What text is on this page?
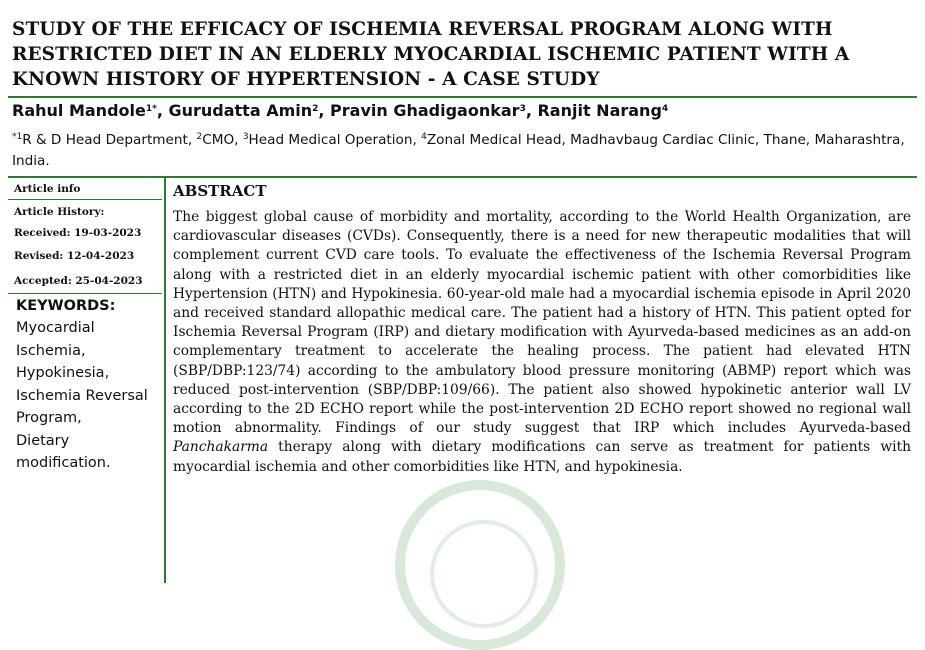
STUDY OF THE EFFICACY OF ISCHEMIA REVERSAL PROGRAM ALONG WITH RESTRICTED DIET IN AN ELDERLY MYOCARDIAL ISCHEMIC PATIENT WITH A KNOWN HISTORY OF HYPERTENSION - A CASE STUDY
Rahul Mandole$^{1*}$, Gurudatta Amin$^2$, Pravin Ghadigaonkar$^3$, Ranjit Narang$^4$
$^{*1}$R & D Head Department, $^2$CMO, $^3$Head Medical Operation, $^4$Zonal Medical Head, Madhavbaug Cardiac Clinic, Thane, Maharashtra, India.
Article info
Article History:
Received: 19-03-2023
Revised: 12-04-2023
Accepted: 25-04-2023
KEYWORDS:
Myocardial Ischemia,
Hypokinesia,
Ischemia Reversal Program,
Dietary modification.
ABSTRACT
The biggest global cause of morbidity and mortality, according to the World Health Organization, are cardiovascular diseases (CVDs). Consequently, there is a need for new therapeutic modalities that will complement current CVD care tools. To evaluate the effectiveness of the Ischemia Reversal Program along with a restricted diet in an elderly myocardial ischemic patient with other comorbidities like Hypertension (HTN) and Hypokinesia. 60-year-old male had a myocardial ischemia episode in April 2020 and received standard allopathic medical care. The patient had a history of HTN. This patient opted for Ischemia Reversal Program (IRP) and dietary modification with Ayurveda-based medicines as an add-on complementary treatment to accelerate the healing process. The patient had elevated HTN (SBP/DBP:123/74) according to the ambulatory blood pressure monitoring (ABMP) report which was reduced post-intervention (SBP/DBP:109/66). The patient also showed hypokinetic anterior wall LV according to the 2D ECHO report while the post-intervention 2D ECHO report showed no regional wall motion abnormality. Findings of our study suggest that IRP which includes Ayurveda-based Panchakarma therapy along with dietary modifications can serve as treatment for patients with myocardial ischemia and other comorbidities like HTN, and hypokinesia.
